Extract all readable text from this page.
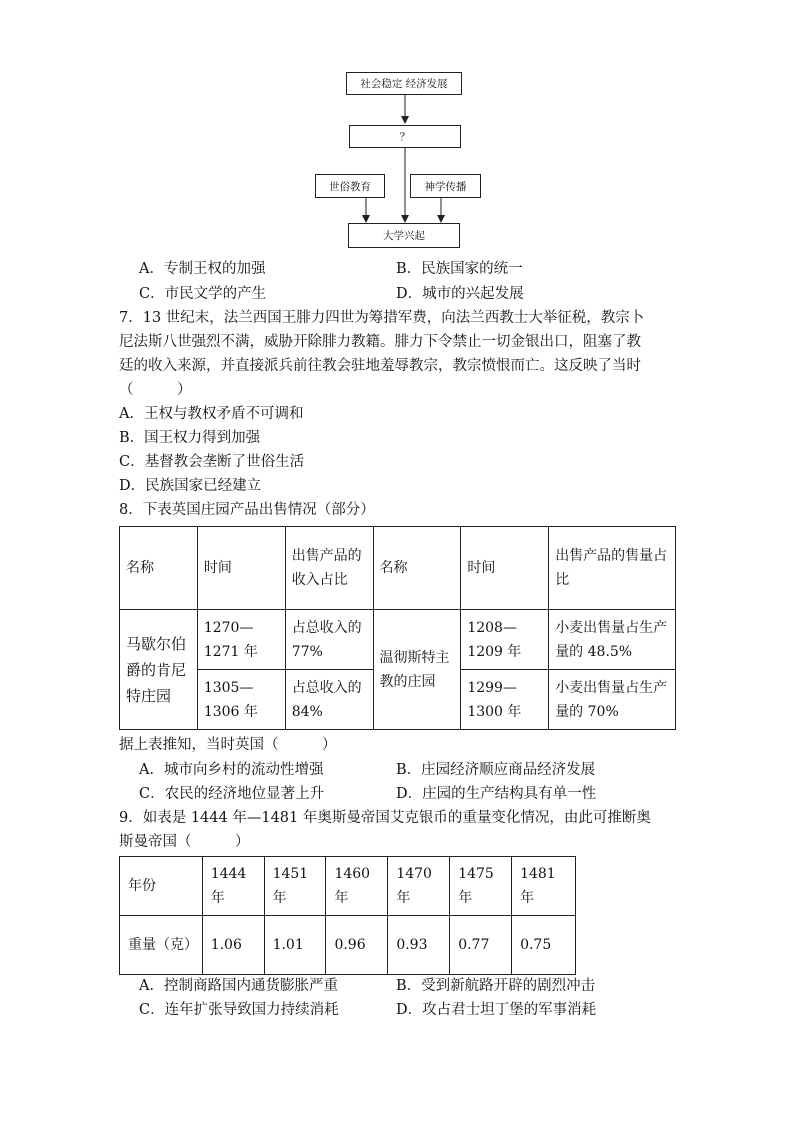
社会稳定 经济发展
？
世俗教育	神学传播
大学兴起
A．专制王权的加强	B．民族国家的统一
C．市民文学的产生	D．城市的兴起发展
7．13 世纪末，法兰西国王腓力四世为筹措军费，向法兰西教士大举征税，教宗卜
尼法斯八世强烈不满，威胁开除腓力教籍。腓力下令禁止一切金银出口，阻塞了教
廷的收入来源，并直接派兵前往教会驻地羞辱教宗，教宗愤恨而亡。这反映了当时
（　　　）
A．王权与教权矛盾不可调和
B．国王权力得到加强
C．基督教会垄断了世俗生活
D．民族国家已经建立
8．下表英国庄园产品出售情况（部分）
名称	时间	出售产品的收入占比	名称	时间	出售产品的售量占比
马歇尔伯爵的肯尼特庄园	1270—1271 年	占总收入的 77%	温彻斯特主教的庄园	1208—1209 年	小麦出售量占生产量的 48.5%
	1305—1306 年	占总收入的 84%		1299—1300 年	小麦出售量占生产量的 70%
据上表推知，当时英国（　　　）
A．城市向乡村的流动性增强	B．庄园经济顺应商品经济发展
C．农民的经济地位显著上升	D．庄园的生产结构具有单一性
9．如表是 1444 年—1481 年奥斯曼帝国艾克银币的重量变化情况，由此可推断奥
斯曼帝国（　　　）
年份	1444年	1451年	1460年	1470年	1475年	1481年
重量（克）	1.06	1.01	0.96	0.93	0.77	0.75
A．控制商路国内通货膨胀严重	B．受到新航路开辟的剧烈冲击
C．连年扩张导致国力持续消耗	D．攻占君士坦丁堡的军事消耗
